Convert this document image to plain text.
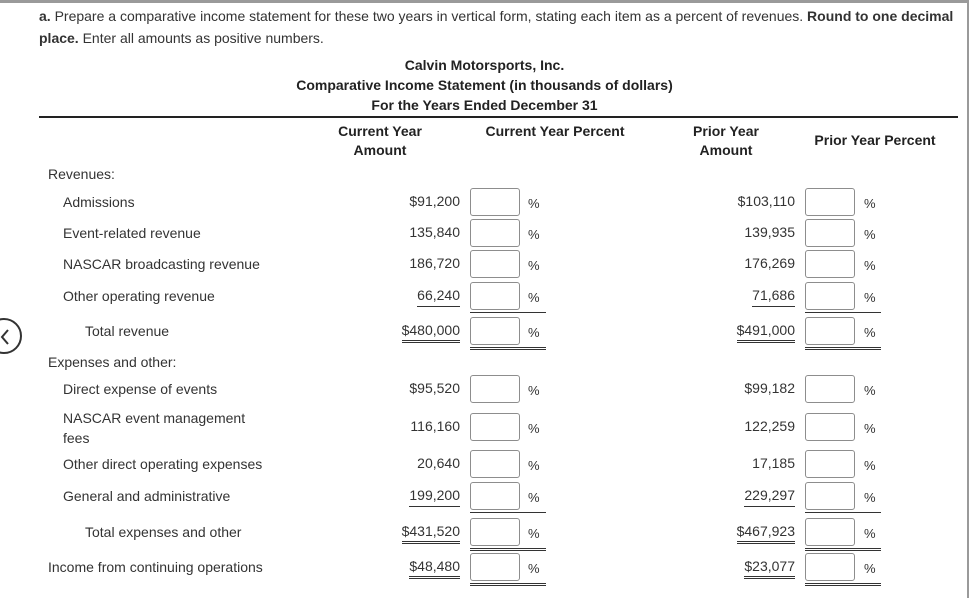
a. Prepare a comparative income statement for these two years in vertical form, stating each item as a percent of revenues. Round to one decimal place. Enter all amounts as positive numbers.
Calvin Motorsports, Inc.
Comparative Income Statement (in thousands of dollars)
For the Years Ended December 31
Current Year
Amount
Current Year Percent	Prior Year
Amount
Prior Year Percent
Revenues:
Expenses and other:
Admissions	$91,200	%	$103,110	%
Event-related revenue	135,840	%	139,935	%
NASCAR broadcasting revenue	186,720	%	176,269	%
Other operating revenue	66,240	%	71,686	%
Total revenue	$480,000	%	$491,000	%
Direct expense of events	$95,520	%	$99,182	%
NASCAR event management fees
116,160	%	122,259	%
Other direct operating expenses	20,640	%	17,185	%
General and administrative	199,200	%	229,297	%
Total expenses and other	$431,520	%	$467,923	%
Income from continuing operations	$48,480	%	$23,077	%
